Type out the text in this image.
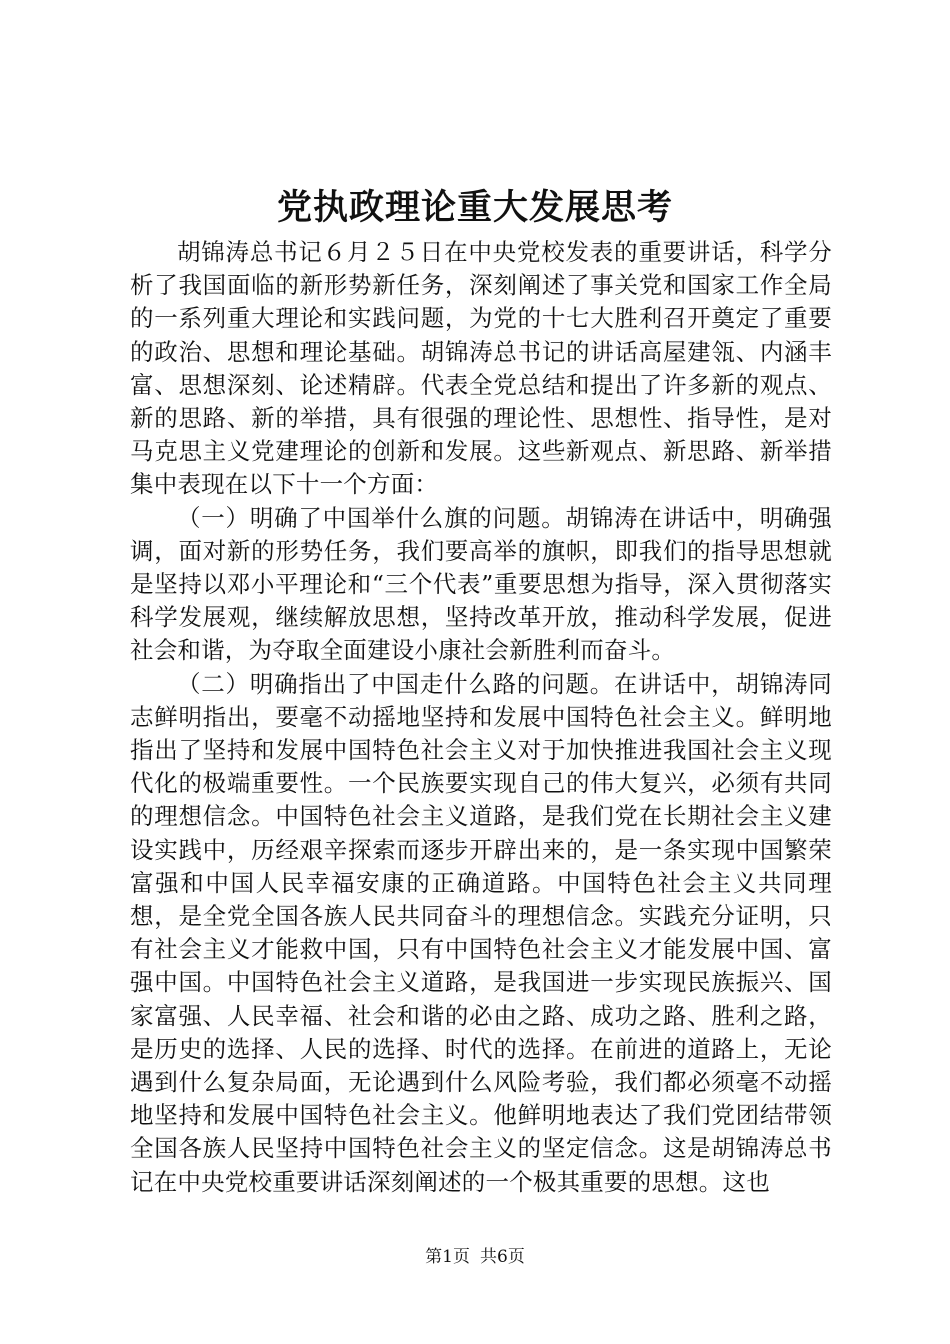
党执政理论重大发展思考

胡锦涛总书记６月２５日在中央党校发表的重要讲话，科学分析了我国面临的新形势新任务，深刻阐述了事关党和国家工作全局的一系列重大理论和实践问题，为党的十七大胜利召开奠定了重要的政治、思想和理论基础。胡锦涛总书记的讲话高屋建瓴、内涵丰富、思想深刻、论述精辟。代表全党总结和提出了许多新的观点、新的思路、新的举措，具有很强的理论性、思想性、指导性，是对马克思主义党建理论的创新和发展。这些新观点、新思路、新举措集中表现在以下十一个方面：

（一）明确了中国举什么旗的问题。胡锦涛在讲话中，明确强调，面对新的形势任务，我们要高举的旗帜，即我们的指导思想就是坚持以邓小平理论和“三个代表”重要思想为指导，深入贯彻落实科学发展观，继续解放思想，坚持改革开放，推动科学发展，促进社会和谐，为夺取全面建设小康社会新胜利而奋斗。

（二）明确指出了中国走什么路的问题。在讲话中，胡锦涛同志鲜明指出，要毫不动摇地坚持和发展中国特色社会主义。鲜明地指出了坚持和发展中国特色社会主义对于加快推进我国社会主义现代化的极端重要性。一个民族要实现自己的伟大复兴，必须有共同的理想信念。中国特色社会主义道路，是我们党在长期社会主义建设实践中，历经艰辛探索而逐步开辟出来的，是一条实现中国繁荣富强和中国人民幸福安康的正确道路。中国特色社会主义共同理想，是全党全国各族人民共同奋斗的理想信念。实践充分证明，只有社会主义才能救中国，只有中国特色社会主义才能发展中国、富强中国。中国特色社会主义道路，是我国进一步实现民族振兴、国家富强、人民幸福、社会和谐的必由之路、成功之路、胜利之路，是历史的选择、人民的选择、时代的选择。在前进的道路上，无论遇到什么复杂局面，无论遇到什么风险考验，我们都必须毫不动摇地坚持和发展中国特色社会主义。他鲜明地表达了我们党团结带领全国各族人民坚持中国特色社会主义的坚定信念。这是胡锦涛总书记在中央党校重要讲话深刻阐述的一个极其重要的思想。这也

第1页 共6页
